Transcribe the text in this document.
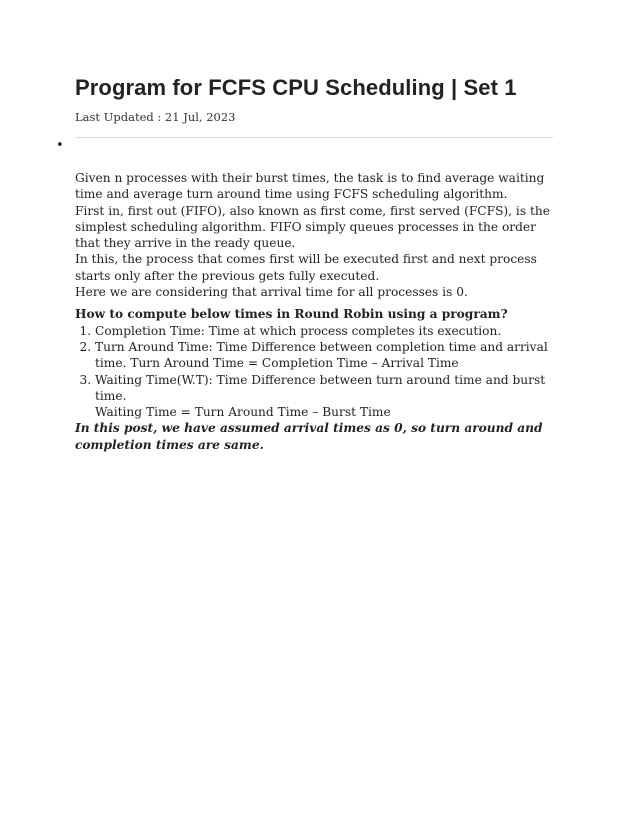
Program for FCFS CPU Scheduling | Set 1
Last Updated : 21 Jul, 2023
•

Given n processes with their burst times, the task is to find average waiting time and average turn around time using FCFS scheduling algorithm.

First in, first out (FIFO), also known as first come, first served (FCFS), is the simplest scheduling algorithm. FIFO simply queues processes in the order that they arrive in the ready queue.

In this, the process that comes first will be executed first and next process starts only after the previous gets fully executed.

Here we are considering that arrival time for all processes is 0.

How to compute below times in Round Robin using a program?

1. Completion Time: Time at which process completes its execution.
2. Turn Around Time: Time Difference between completion time and arrival time. Turn Around Time = Completion Time – Arrival Time
3. Waiting Time(W.T): Time Difference between turn around time and burst time.
Waiting Time = Turn Around Time – Burst Time

In this post, we have assumed arrival times as 0, so turn around and completion times are same.
